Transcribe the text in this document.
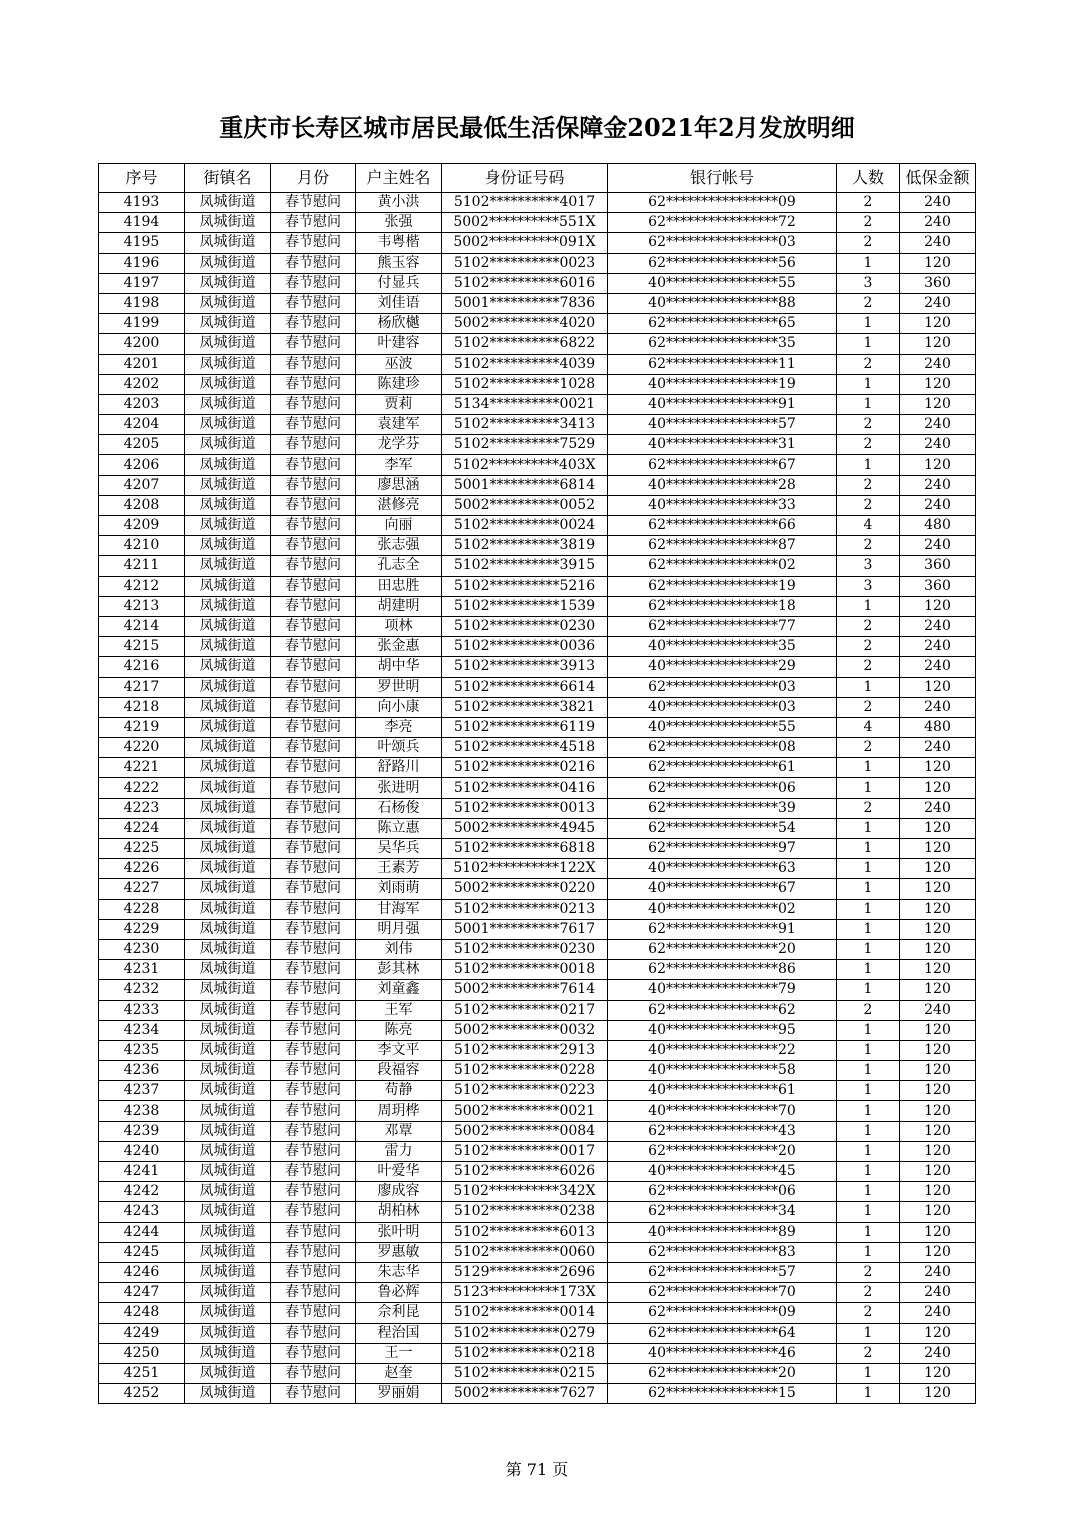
重庆市长寿区城市居民最低生活保障金2021年2月发放明细
序号	街镇名	月份	户主姓名	身份证号码	银行帐号	人数	低保金额
4193	凤城街道	春节慰问	黄小洪	5102**********4017	62****************09	2	240
4194	凤城街道	春节慰问	张强	5002**********551X	62****************72	2	240
4195	凤城街道	春节慰问	韦粤楷	5002**********091X	62****************03	2	240
4196	凤城街道	春节慰问	熊玉容	5102**********0023	62****************56	1	120
4197	凤城街道	春节慰问	付显兵	5102**********6016	40****************55	3	360
4198	凤城街道	春节慰问	刘佳语	5001**********7836	40****************88	2	240
4199	凤城街道	春节慰问	杨欣樾	5002**********4020	62****************65	1	120
4200	凤城街道	春节慰问	叶建容	5102**********6822	62****************35	1	120
4201	凤城街道	春节慰问	巫波	5102**********4039	62****************11	2	240
4202	凤城街道	春节慰问	陈建珍	5102**********1028	40****************19	1	120
4203	凤城街道	春节慰问	贾莉	5134**********0021	40****************91	1	120
4204	凤城街道	春节慰问	袁建军	5102**********3413	40****************57	2	240
4205	凤城街道	春节慰问	龙学芬	5102**********7529	40****************31	2	240
4206	凤城街道	春节慰问	李军	5102**********403X	62****************67	1	120
4207	凤城街道	春节慰问	廖思涵	5001**********6814	40****************28	2	240
4208	凤城街道	春节慰问	湛修亮	5002**********0052	40****************33	2	240
4209	凤城街道	春节慰问	向丽	5102**********0024	62****************66	4	480
4210	凤城街道	春节慰问	张志强	5102**********3819	62****************87	2	240
4211	凤城街道	春节慰问	孔志全	5102**********3915	62****************02	3	360
4212	凤城街道	春节慰问	田忠胜	5102**********5216	62****************19	3	360
4213	凤城街道	春节慰问	胡建明	5102**********1539	62****************18	1	120
4214	凤城街道	春节慰问	项林	5102**********0230	62****************77	2	240
4215	凤城街道	春节慰问	张金惠	5102**********0036	40****************35	2	240
4216	凤城街道	春节慰问	胡中华	5102**********3913	40****************29	2	240
4217	凤城街道	春节慰问	罗世明	5102**********6614	62****************03	1	120
4218	凤城街道	春节慰问	向小康	5102**********3821	40****************03	2	240
4219	凤城街道	春节慰问	李亮	5102**********6119	40****************55	4	480
4220	凤城街道	春节慰问	叶颂兵	5102**********4518	62****************08	2	240
4221	凤城街道	春节慰问	舒路川	5102**********0216	62****************61	1	120
4222	凤城街道	春节慰问	张进明	5102**********0416	62****************06	1	120
4223	凤城街道	春节慰问	石杨俊	5102**********0013	62****************39	2	240
4224	凤城街道	春节慰问	陈立惠	5002**********4945	62****************54	1	120
4225	凤城街道	春节慰问	吴华兵	5102**********6818	62****************97	1	120
4226	凤城街道	春节慰问	王素芳	5102**********122X	40****************63	1	120
4227	凤城街道	春节慰问	刘雨萌	5002**********0220	40****************67	1	120
4228	凤城街道	春节慰问	甘海军	5102**********0213	40****************02	1	120
4229	凤城街道	春节慰问	明月强	5001**********7617	62****************91	1	120
4230	凤城街道	春节慰问	刘伟	5102**********0230	62****************20	1	120
4231	凤城街道	春节慰问	彭其林	5102**********0018	62****************86	1	120
4232	凤城街道	春节慰问	刘童鑫	5002**********7614	40****************79	1	120
4233	凤城街道	春节慰问	王军	5102**********0217	62****************62	2	240
4234	凤城街道	春节慰问	陈亮	5002**********0032	40****************95	1	120
4235	凤城街道	春节慰问	李文平	5102**********2913	40****************22	1	120
4236	凤城街道	春节慰问	段福容	5102**********0228	40****************58	1	120
4237	凤城街道	春节慰问	苟静	5102**********0223	40****************61	1	120
4238	凤城街道	春节慰问	周玥桦	5002**********0021	40****************70	1	120
4239	凤城街道	春节慰问	邓覃	5002**********0084	62****************43	1	120
4240	凤城街道	春节慰问	雷力	5102**********0017	62****************20	1	120
4241	凤城街道	春节慰问	叶爱华	5102**********6026	40****************45	1	120
4242	凤城街道	春节慰问	廖成容	5102**********342X	62****************06	1	120
4243	凤城街道	春节慰问	胡柏林	5102**********0238	62****************34	1	120
4244	凤城街道	春节慰问	张叶明	5102**********6013	40****************89	1	120
4245	凤城街道	春节慰问	罗惠敏	5102**********0060	62****************83	1	120
4246	凤城街道	春节慰问	朱志华	5129**********2696	62****************57	2	240
4247	凤城街道	春节慰问	鲁必辉	5123**********173X	62****************70	2	240
4248	凤城街道	春节慰问	佘利昆	5102**********0014	62****************09	2	240
4249	凤城街道	春节慰问	程治国	5102**********0279	62****************64	1	120
4250	凤城街道	春节慰问	王一	5102**********0218	40****************46	2	240
4251	凤城街道	春节慰问	赵奎	5102**********0215	62****************20	1	120
4252	凤城街道	春节慰问	罗丽娟	5002**********7627	62****************15	1	120
第 71 页
